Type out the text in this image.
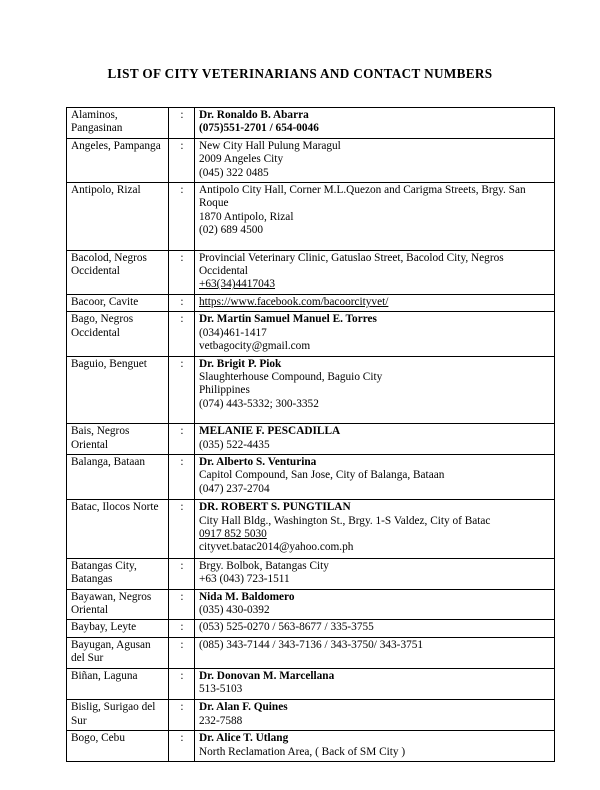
LIST OF CITY VETERINARIANS AND CONTACT NUMBERS
Alaminos, Pangasinan	:	Dr. Ronaldo B. Abarra
(075)551-2701 / 654-0046

Angeles, Pampanga	:	New City Hall Pulung Maragul
2009 Angeles City
(045) 322 0485

Antipolo, Rizal	:	Antipolo City Hall, Corner M.L.Quezon and Carigma Streets, Brgy. San Roque
1870 Antipolo, Rizal
(02) 689 4500

Bacolod, Negros Occidental	:	Provincial Veterinary Clinic, Gatuslao Street, Bacolod City, Negros Occidental
+63(34)4417043

Bacoor, Cavite	:	https://www.facebook.com/bacoorcityvet/

Bago, Negros Occidental	:	Dr. Martin Samuel Manuel E. Torres
(034)461-1417
vetbagocity@gmail.com

Baguio, Benguet	:	Dr. Brigit P. Piok
Slaughterhouse Compound, Baguio City
Philippines
(074) 443-5332; 300-3352

Bais, Negros Oriental	:	MELANIE F. PESCADILLA
(035) 522-4435

Balanga, Bataan	:	Dr. Alberto S. Venturina
Capitol Compound, San Jose, City of Balanga, Bataan
(047) 237-2704

Batac, Ilocos Norte	:	DR. ROBERT S. PUNGTILAN
City Hall Bldg., Washington St., Brgy. 1-S Valdez, City of Batac
0917 852 5030
cityvet.batac2014@yahoo.com.ph

Batangas City, Batangas	:	Brgy. Bolbok, Batangas City
+63 (043) 723-1511

Bayawan, Negros Oriental	:	Nida M. Baldomero
(035) 430-0392

Baybay, Leyte	:	(053) 525-0270 / 563-8677 / 335-3755

Bayugan, Agusan del Sur	:	(085) 343-7144 / 343-7136 / 343-3750/ 343-3751

Biñan, Laguna	:	Dr. Donovan M. Marcellana
513-5103

Bislig, Surigao del Sur	:	Dr. Alan F. Quines
232-7588

Bogo, Cebu	:	Dr. Alice T. Utlang
North Reclamation Area, ( Back of SM City )
